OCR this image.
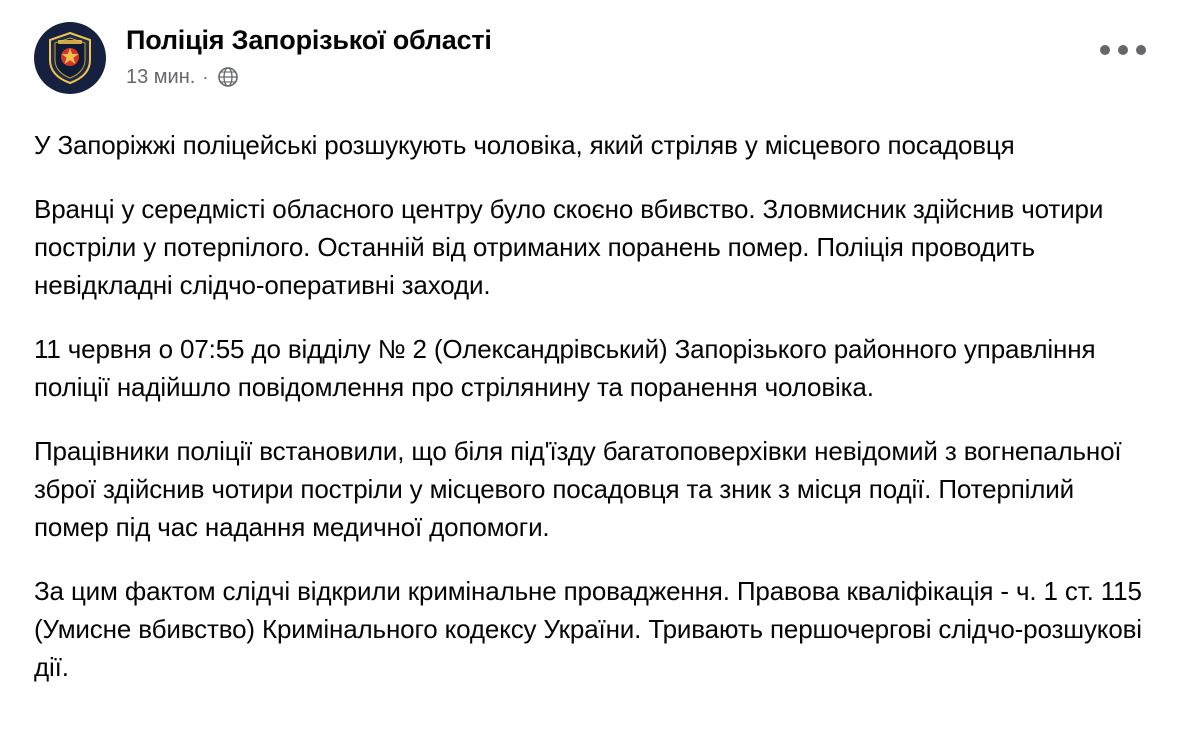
Поліція Запорізької області
13 мин. ·

У Запоріжжі поліцейські розшукують чоловіка, який стріляв у місцевого посадовця

Вранці у середмісті обласного центру було скоєно вбивство. Зловмисник здійснив чотири постріли у потерпілого. Останній від отриманих поранень помер. Поліція проводить невідкладні слідчо-оперативні заходи.

11 червня о 07:55 до відділу № 2 (Олександрівський) Запорізького районного управління поліції надійшло повідомлення про стрілянину та поранення чоловіка.

Працівники поліції встановили, що біля під'їзду багатоповерхівки невідомий з вогнепальної зброї здійснив чотири постріли у місцевого посадовця та зник з місця події. Потерпілий помер під час надання медичної допомоги.

За цим фактом слідчі відкрили кримінальне провадження. Правова кваліфікація - ч. 1 ст. 115 (Умисне вбивство) Кримінального кодексу України. Тривають першочергові слідчо-розшукові дії.
